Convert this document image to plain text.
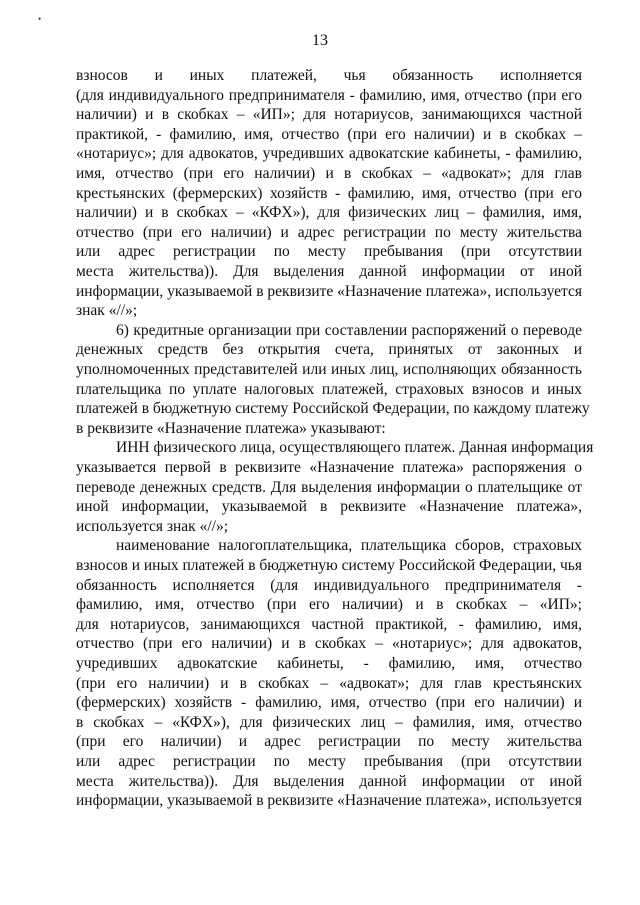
•
13
взносов и иных платежей, чья обязанность исполняется
(для индивидуального предпринимателя - фамилию, имя, отчество (при его
наличии) и в скобках – «ИП»; для нотариусов, занимающихся частной
практикой, - фамилию, имя, отчество (при его наличии) и в скобках –
«нотариус»; для адвокатов, учредивших адвокатские кабинеты, - фамилию,
имя, отчество (при его наличии) и в скобках – «адвокат»; для глав
крестьянских (фермерских) хозяйств - фамилию, имя, отчество (при его
наличии) и в скобках – «КФХ»), для физических лиц – фамилия, имя,
отчество (при его наличии) и адрес регистрации по месту жительства
или адрес регистрации по месту пребывания (при отсутствии
места жительства)). Для выделения данной информации от иной
информации, указываемой в реквизите «Назначение платежа», используется
знак «//»;
6) кредитные организации при составлении распоряжений о переводе
денежных средств без открытия счета, принятых от законных и
уполномоченных представителей или иных лиц, исполняющих обязанность
плательщика по уплате налоговых платежей, страховых взносов и иных
платежей в бюджетную систему Российской Федерации, по каждому платежу
в реквизите «Назначение платежа» указывают:
ИНН физического лица, осуществляющего платеж. Данная информация
указывается первой в реквизите «Назначение платежа» распоряжения о
переводе денежных средств. Для выделения информации о плательщике от
иной информации, указываемой в реквизите «Назначение платежа»,
используется знак «//»;
наименование налогоплательщика, плательщика сборов, страховых
взносов и иных платежей в бюджетную систему Российской Федерации, чья
обязанность исполняется (для индивидуального предпринимателя -
фамилию, имя, отчество (при его наличии) и в скобках – «ИП»;
для нотариусов, занимающихся частной практикой, - фамилию, имя,
отчество (при его наличии) и в скобках – «нотариус»; для адвокатов,
учредивших адвокатские кабинеты, - фамилию, имя, отчество
(при его наличии) и в скобках – «адвокат»; для глав крестьянских
(фермерских) хозяйств - фамилию, имя, отчество (при его наличии) и
в скобках – «КФХ»), для физических лиц – фамилия, имя, отчество
(при его наличии) и адрес регистрации по месту жительства
или адрес регистрации по месту пребывания (при отсутствии
места жительства)). Для выделения данной информации от иной
информации, указываемой в реквизите «Назначение платежа», используется
